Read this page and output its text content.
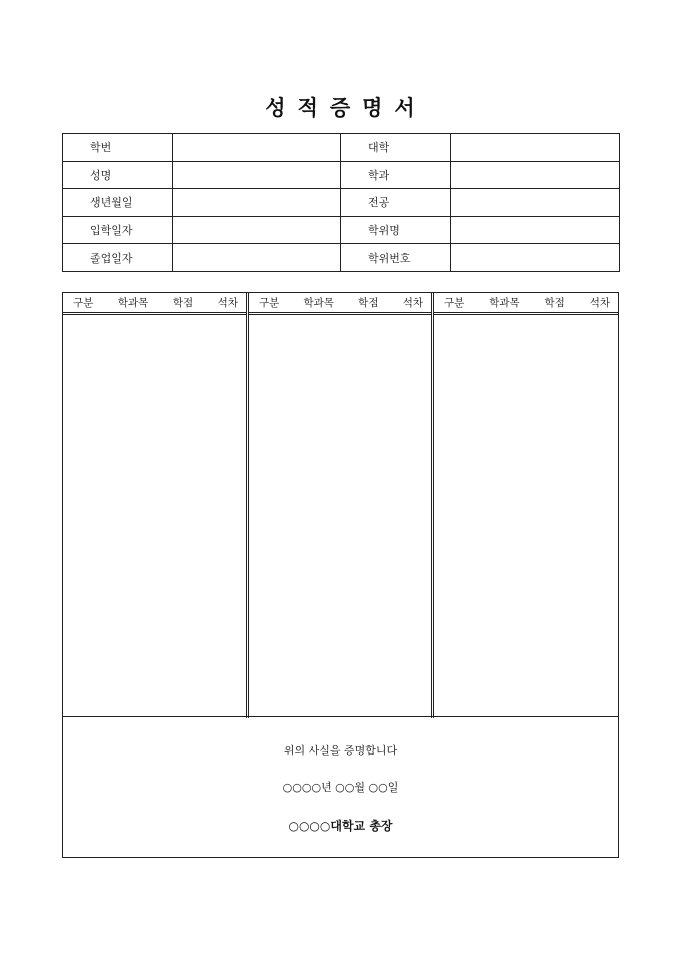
성적증명서
학번		대학	
성명		학과	
생년월일		전공	
입학일자		학위명	
졸업일자		학위번호	
구분 학과목 학점 석차 구분 학과목 학점 석차 구분 학과목 학점 석차
위의 사실을 증명합니다
○○○○년 ○○월 ○○일
○○○○대학교 총장
